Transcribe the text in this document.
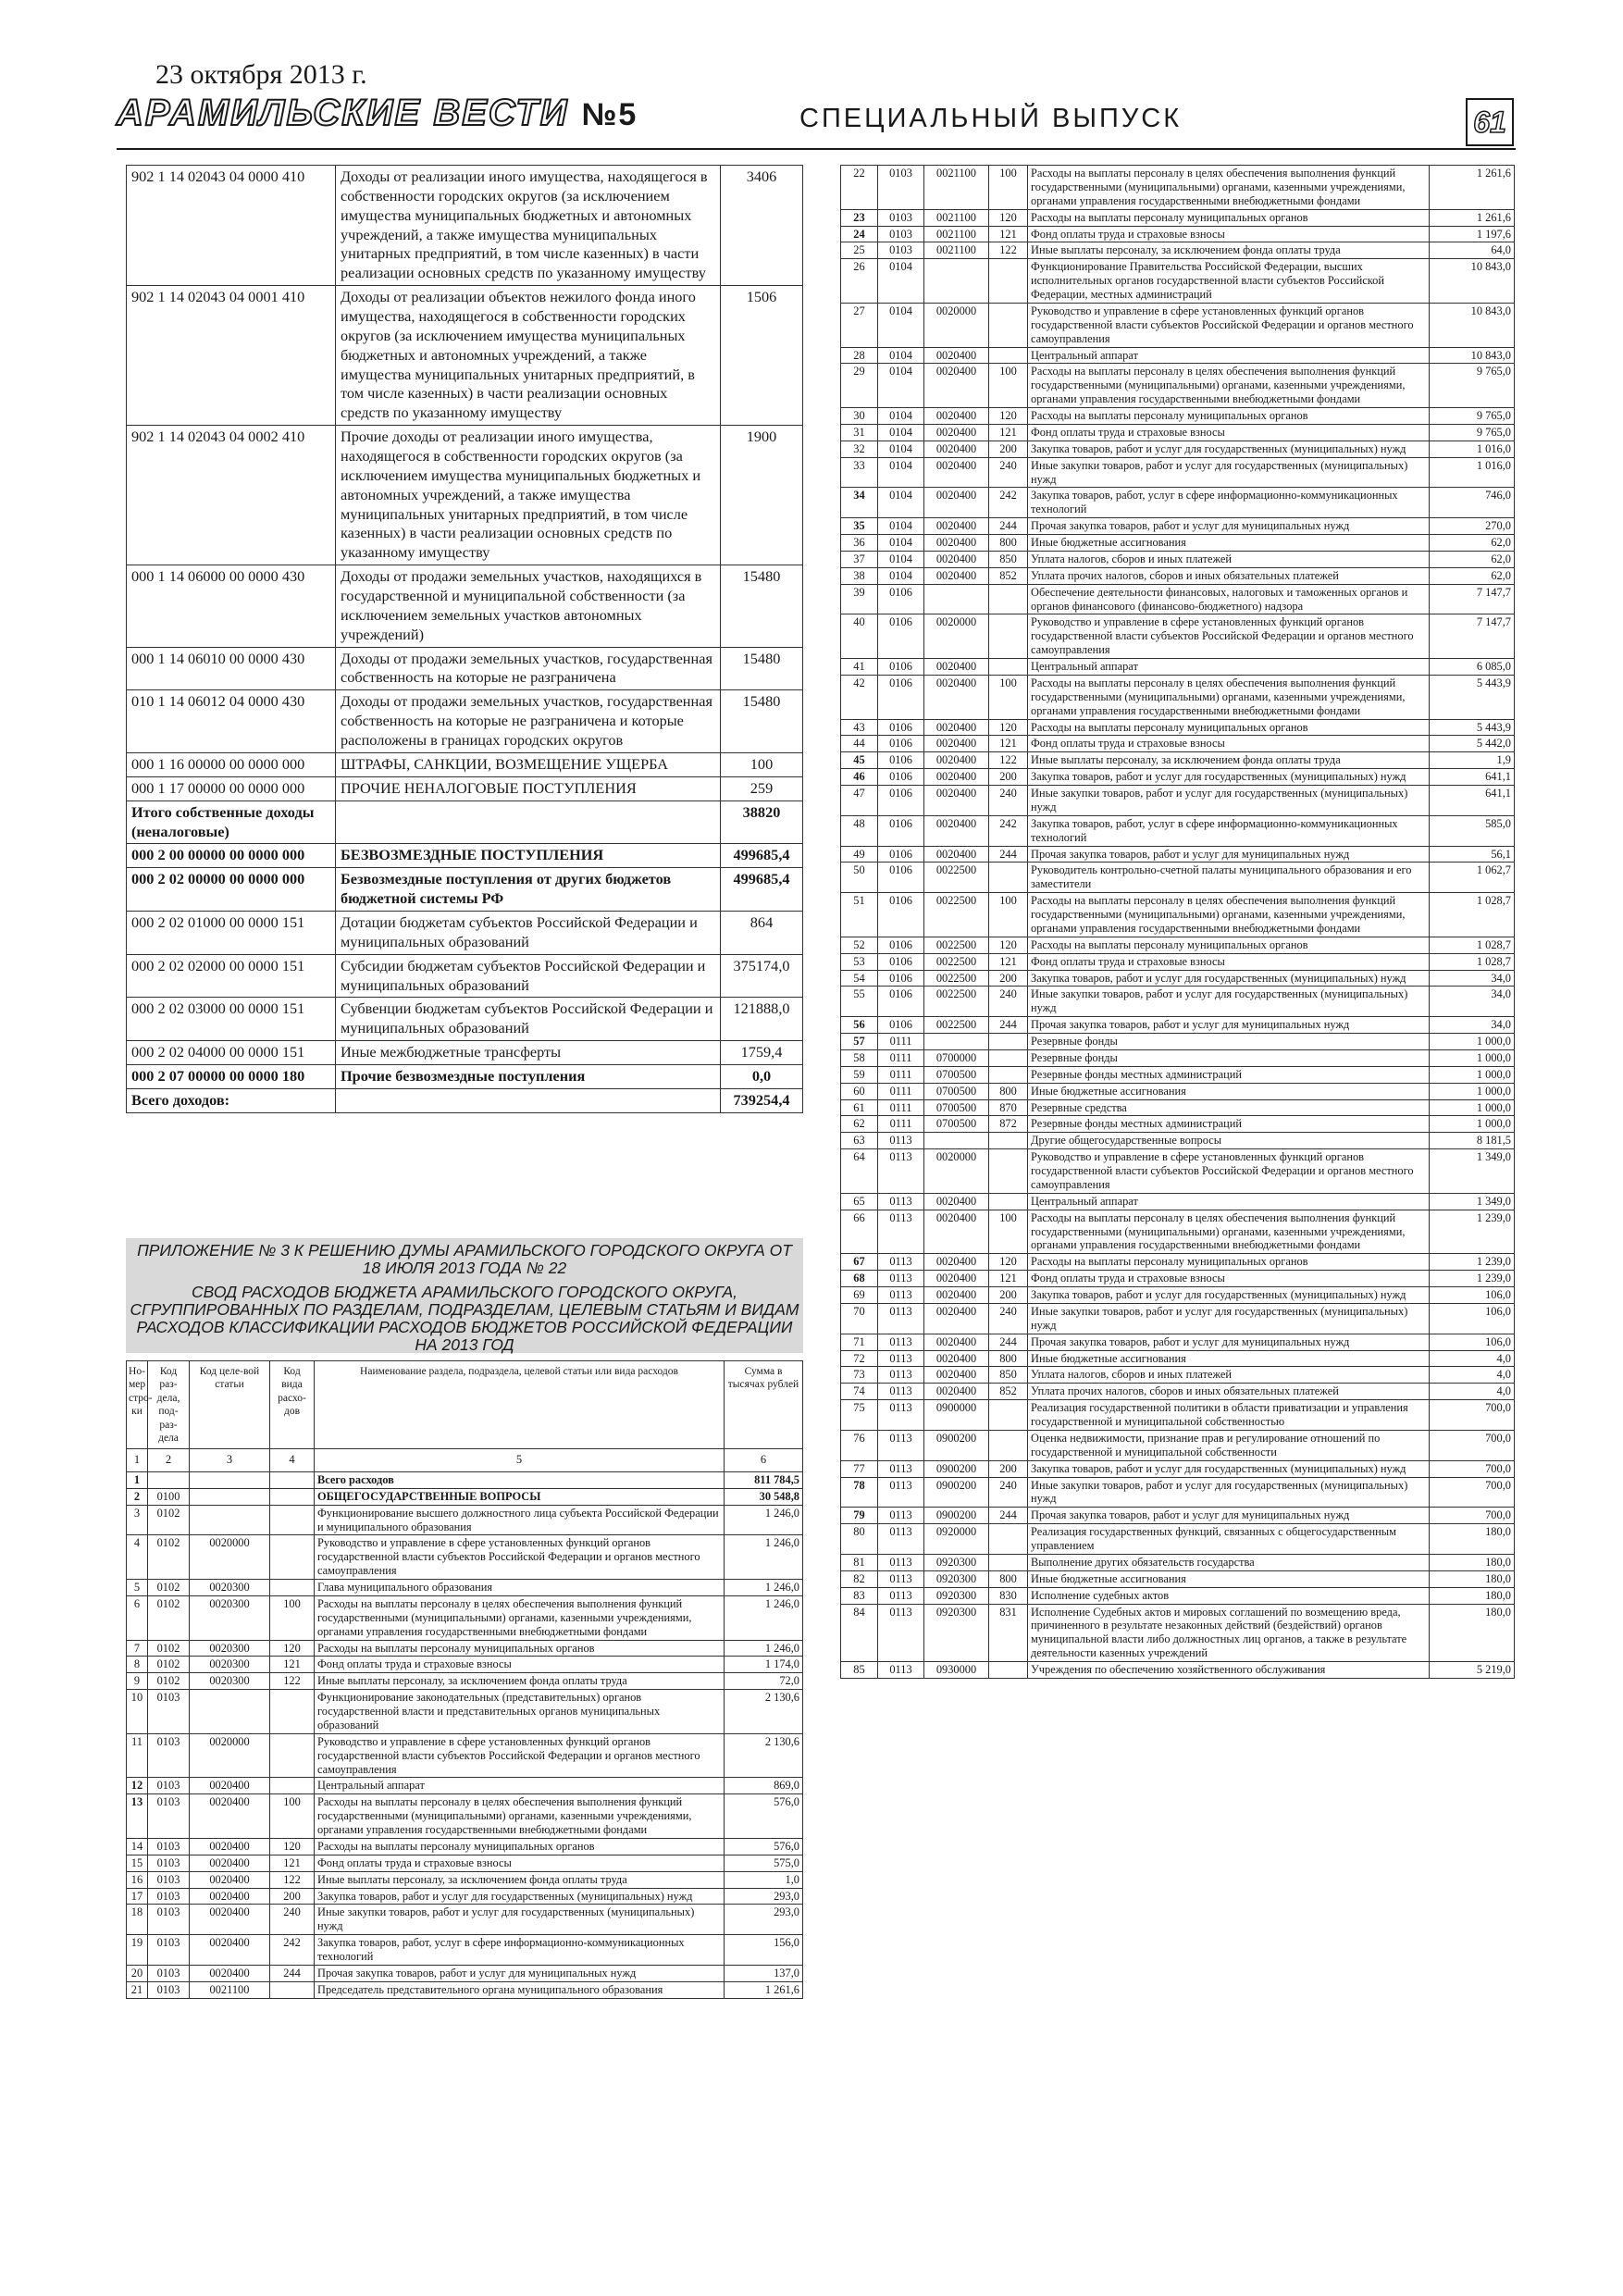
23 октября 2013 г.
АРАМИЛЬСКИЕ ВЕСТИ №5	СПЕЦИАЛЬНЫЙ ВЫПУСК	61
902 1 14 02043 04 0000 410	Доходы от реализации иного имущества, находящегося в собственности городских округов (за исключением имущества муниципальных бюджетных и автономных учреждений, а также имущества муниципальных унитарных предприятий, в том числе казенных) в части реализации основных средств по указанному имуществу	3406
902 1 14 02043 04 0001 410	Доходы от реализации объектов нежилого фонда иного имущества, находящегося в собственности городских округов (за исключением имущества муниципальных бюджетных и автономных учреждений, а также имущества муниципальных унитарных предприятий, в том числе казенных) в части реализации основных средств по указанному имуществу	1506
902 1 14 02043 04 0002 410	Прочие доходы от реализации иного имущества, находящегося в собственности городских округов (за исключением имущества муниципальных бюджетных и автономных учреждений, а также имущества муниципальных унитарных предприятий, в том числе казенных) в части реализации основных средств по указанному имуществу	1900
000 1 14 06000 00 0000 430	Доходы от продажи земельных участков, находящихся в государственной и муниципальной собственности (за исключением земельных участков автономных учреждений)	15480
000 1 14 06010 00 0000 430	Доходы от продажи земельных участков, государственная собственность на которые не разграничена	15480
010 1 14 06012 04 0000 430	Доходы от продажи земельных участков, государственная собственность на которые не разграничена и которые расположены в границах городских округов	15480
000 1 16 00000 00 0000 000	ШТРАФЫ, САНКЦИИ, ВОЗМЕЩЕНИЕ УЩЕРБА	100
000 1 17 00000 00 0000 000	ПРОЧИЕ НЕНАЛОГОВЫЕ ПОСТУПЛЕНИЯ	259
Итого собственные доходы (неналоговые)		38820
000 2 00 00000 00 0000 000	БЕЗВОЗМЕЗДНЫЕ ПОСТУПЛЕНИЯ	499685,4
000 2 02 00000 00 0000 000	Безвозмездные поступления от других бюджетов бюджетной системы РФ	499685,4
000 2 02 01000 00 0000 151	Дотации бюджетам субъектов Российской Федерации и муниципальных образований	864
000 2 02 02000 00 0000 151	Субсидии бюджетам субъектов Российской Федерации и муниципальных образований	375174,0
000 2 02 03000 00 0000 151	Субвенции бюджетам субъектов Российской Федерации и муниципальных образований	121888,0
000 2 02 04000 00 0000 151	Иные межбюджетные трансферты	1759,4
000 2 07 00000 00 0000 180	Прочие безвозмездные поступления	0,0
Всего доходов:		739254,4
ПРИЛОЖЕНИЕ № 3 К РЕШЕНИЮ ДУМЫ АРАМИЛЬСКОГО ГОРОДСКОГО ОКРУГА ОТ 18 ИЮЛЯ 2013 ГОДА № 22
СВОД РАСХОДОВ БЮДЖЕТА АРАМИЛЬСКОГО ГОРОДСКОГО ОКРУГА, СГРУППИРОВАННЫХ ПО РАЗДЕЛАМ, ПОДРАЗДЕЛАМ, ЦЕЛЕВЫМ СТАТЬЯМ И ВИДАМ РАСХОДОВ КЛАССИФИКАЦИИ РАСХОДОВ БЮДЖЕТОВ РОССИЙСКОЙ ФЕДЕРАЦИИ НА 2013 ГОД
Но-мер стро-ки	Код раз-дела, под-раз-дела	Код целе-вой статьи	Код вида расхо-дов	Наименование раздела, подраздела, целевой статьи или вида расходов	Сумма в тысячах рублей
1	2	3	4	5	6
1				Всего расходов	811 784,5
2	0100			ОБЩЕГОСУДАРСТВЕННЫЕ ВОПРОСЫ	30 548,8
3	0102			Функционирование высшего должностного лица субъекта Российской Федерации и муниципального образования	1 246,0
4	0102	0020000		Руководство и управление в сфере установленных функций органов государственной власти субъектов Российской Федерации и органов местного самоуправления	1 246,0
5	0102	0020300		Глава муниципального образования	1 246,0
6	0102	0020300	100	Расходы на выплаты персоналу в целях обеспечения выполнения функций государственными (муниципальными) органами, казенными учреждениями, органами управления государственными внебюджетными фондами	1 246,0
7	0102	0020300	120	Расходы на выплаты персоналу муниципальных органов	1 246,0
8	0102	0020300	121	Фонд оплаты труда и страховые взносы	1 174,0
9	0102	0020300	122	Иные выплаты персоналу, за исключением фонда оплаты труда	72,0
10	0103			Функционирование законодательных (представительных) органов государственной власти и представительных органов муниципальных образований	2 130,6
11	0103	0020000		Руководство и управление в сфере установленных функций органов государственной власти субъектов Российской Федерации и органов местного самоуправления	2 130,6
12	0103	0020400		Центральный аппарат	869,0
13	0103	0020400	100	Расходы на выплаты персоналу в целях обеспечения выполнения функций государственными (муниципальными) органами, казенными учреждениями, органами управления государственными внебюджетными фондами	576,0
14	0103	0020400	120	Расходы на выплаты персоналу муниципальных органов	576,0
15	0103	0020400	121	Фонд оплаты труда и страховые взносы	575,0
16	0103	0020400	122	Иные выплаты персоналу, за исключением фонда оплаты труда	1,0
17	0103	0020400	200	Закупка товаров, работ и услуг для государственных (муниципальных) нужд	293,0
18	0103	0020400	240	Иные закупки товаров, работ и услуг для государственных (муниципальных) нужд	293,0
19	0103	0020400	242	Закупка товаров, работ, услуг в сфере информационно-коммуникационных технологий	156,0
20	0103	0020400	244	Прочая закупка товаров, работ и услуг для муниципальных нужд	137,0
21	0103	0021100		Председатель представительного органа муниципального образования	1 261,6
22	0103	0021100	100	Расходы на выплаты персоналу в целях обеспечения выполнения функций государственными (муниципальными) органами, казенными учреждениями, органами управления государственными внебюджетными фондами	1 261,6
23	0103	0021100	120	Расходы на выплаты персоналу муниципальных органов	1 261,6
24	0103	0021100	121	Фонд оплаты труда и страховые взносы	1 197,6
25	0103	0021100	122	Иные выплаты персоналу, за исключением фонда оплаты труда	64,0
26	0104			Функционирование Правительства Российской Федерации, высших исполнительных органов государственной власти субъектов Российской Федерации, местных администраций	10 843,0
27	0104	0020000		Руководство и управление в сфере установленных функций органов государственной власти субъектов Российской Федерации и органов местного самоуправления	10 843,0
28	0104	0020400		Центральный аппарат	10 843,0
29	0104	0020400	100	Расходы на выплаты персоналу в целях обеспечения выполнения функций государственными (муниципальными) органами, казенными учреждениями, органами управления государственными внебюджетными фондами	9 765,0
30	0104	0020400	120	Расходы на выплаты персоналу муниципальных органов	9 765,0
31	0104	0020400	121	Фонд оплаты труда и страховые взносы	9 765,0
32	0104	0020400	200	Закупка товаров, работ и услуг для государственных (муниципальных) нужд	1 016,0
33	0104	0020400	240	Иные закупки товаров, работ и услуг для государственных (муниципальных) нужд	1 016,0
34	0104	0020400	242	Закупка товаров, работ, услуг в сфере информационно-коммуникационных технологий	746,0
35	0104	0020400	244	Прочая закупка товаров, работ и услуг для муниципальных нужд	270,0
36	0104	0020400	800	Иные бюджетные ассигнования	62,0
37	0104	0020400	850	Уплата налогов, сборов и иных платежей	62,0
38	0104	0020400	852	Уплата прочих налогов, сборов и иных обязательных платежей	62,0
39	0106			Обеспечение деятельности финансовых, налоговых и таможенных органов и органов финансового (финансово-бюджетного) надзора	7 147,7
40	0106	0020000		Руководство и управление в сфере установленных функций органов государственной власти субъектов Российской Федерации и органов местного самоуправления	7 147,7
41	0106	0020400		Центральный аппарат	6 085,0
42	0106	0020400	100	Расходы на выплаты персоналу в целях обеспечения выполнения функций государственными (муниципальными) органами, казенными учреждениями, органами управления государственными внебюджетными фондами	5 443,9
43	0106	0020400	120	Расходы на выплаты персоналу муниципальных органов	5 443,9
44	0106	0020400	121	Фонд оплаты труда и страховые взносы	5 442,0
45	0106	0020400	122	Иные выплаты персоналу, за исключением фонда оплаты труда	1,9
46	0106	0020400	200	Закупка товаров, работ и услуг для государственных (муниципальных) нужд	641,1
47	0106	0020400	240	Иные закупки товаров, работ и услуг для государственных (муниципальных) нужд	641,1
48	0106	0020400	242	Закупка товаров, работ, услуг в сфере информационно-коммуникационных технологий	585,0
49	0106	0020400	244	Прочая закупка товаров, работ и услуг для муниципальных нужд	56,1
50	0106	0022500		Руководитель контрольно-счетной палаты муниципального образования и его заместители	1 062,7
51	0106	0022500	100	Расходы на выплаты персоналу в целях обеспечения выполнения функций государственными (муниципальными) органами, казенными учреждениями, органами управления государственными внебюджетными фондами	1 028,7
52	0106	0022500	120	Расходы на выплаты персоналу муниципальных органов	1 028,7
53	0106	0022500	121	Фонд оплаты труда и страховые взносы	1 028,7
54	0106	0022500	200	Закупка товаров, работ и услуг для государственных (муниципальных) нужд	34,0
55	0106	0022500	240	Иные закупки товаров, работ и услуг для государственных (муниципальных) нужд	34,0
56	0106	0022500	244	Прочая закупка товаров, работ и услуг для муниципальных нужд	34,0
57	0111			Резервные фонды	1 000,0
58	0111	0700000		Резервные фонды	1 000,0
59	0111	0700500		Резервные фонды местных администраций	1 000,0
60	0111	0700500	800	Иные бюджетные ассигнования	1 000,0
61	0111	0700500	870	Резервные средства	1 000,0
62	0111	0700500	872	Резервные фонды местных администраций	1 000,0
63	0113			Другие общегосударственные вопросы	8 181,5
64	0113	0020000		Руководство и управление в сфере установленных функций органов государственной власти субъектов Российской Федерации и органов местного самоуправления	1 349,0
65	0113	0020400		Центральный аппарат	1 349,0
66	0113	0020400	100	Расходы на выплаты персоналу в целях обеспечения выполнения функций государственными (муниципальными) органами, казенными учреждениями, органами управления государственными внебюджетными фондами	1 239,0
67	0113	0020400	120	Расходы на выплаты персоналу муниципальных органов	1 239,0
68	0113	0020400	121	Фонд оплаты труда и страховые взносы	1 239,0
69	0113	0020400	200	Закупка товаров, работ и услуг для государственных (муниципальных) нужд	106,0
70	0113	0020400	240	Иные закупки товаров, работ и услуг для государственных (муниципальных) нужд	106,0
71	0113	0020400	244	Прочая закупка товаров, работ и услуг для муниципальных нужд	106,0
72	0113	0020400	800	Иные бюджетные ассигнования	4,0
73	0113	0020400	850	Уплата налогов, сборов и иных платежей	4,0
74	0113	0020400	852	Уплата прочих налогов, сборов и иных обязательных платежей	4,0
75	0113	0900000		Реализация государственной политики в области приватизации и управления государственной и муниципальной собственностью	700,0
76	0113	0900200		Оценка недвижимости, признание прав и регулирование отношений по государственной и муниципальной собственности	700,0
77	0113	0900200	200	Закупка товаров, работ и услуг для государственных (муниципальных) нужд	700,0
78	0113	0900200	240	Иные закупки товаров, работ и услуг для государственных (муниципальных) нужд	700,0
79	0113	0900200	244	Прочая закупка товаров, работ и услуг для муниципальных нужд	700,0
80	0113	0920000		Реализация государственных функций, связанных с общегосударственным управлением	180,0
81	0113	0920300		Выполнение других обязательств государства	180,0
82	0113	0920300	800	Иные бюджетные ассигнования	180,0
83	0113	0920300	830	Исполнение судебных актов	180,0
84	0113	0920300	831	Исполнение Судебных актов и мировых соглашений по возмещению вреда, причиненного в результате незаконных действий (бездействий) органов муниципальной власти либо должностных лиц органов, а также в результате деятельности казенных учреждений	180,0
85	0113	0930000		Учреждения по обеспечению хозяйственного обслуживания	5 219,0
